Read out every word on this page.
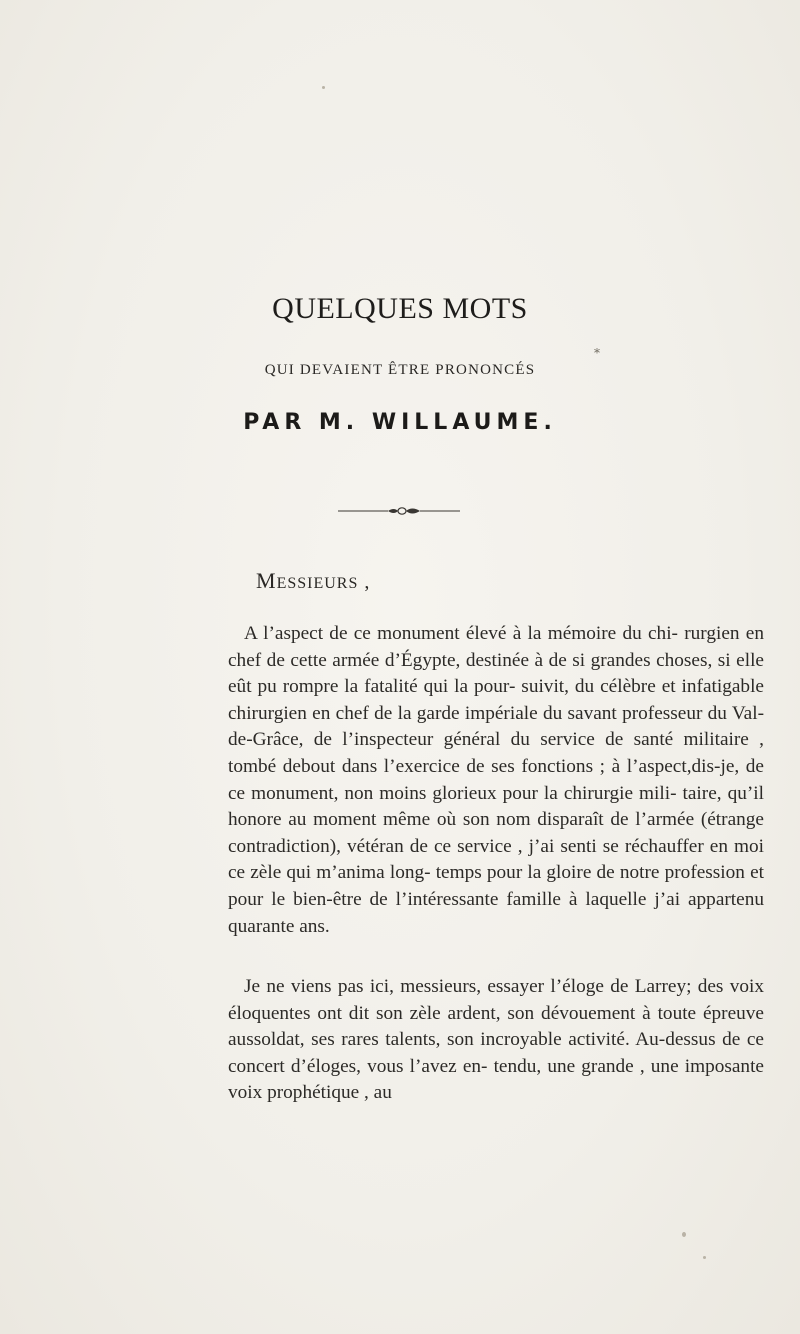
QUELQUES MOTS
*
QUI DEVAIENT ÊTRE PRONONCÉS
PAR M. WILLAUME.
MESSIEURS ,

A l’aspect de ce monument élevé à la mémoire du chi- rurgien en chef de cette armée d’Égypte, destinée à de si grandes choses, si elle eût pu rompre la fatalité qui la pour- suivit, du célèbre et infatigable chirurgien en chef de la garde impériale du savant professeur du Val-de-Grâce, de l’inspecteur général du service de santé militaire , tombé debout dans l’exercice de ses fonctions ; à l’aspect,dis-je, de ce monument, non moins glorieux pour la chirurgie mili- taire, qu’il honore au moment même où son nom disparaît de l’armée (étrange contradiction), vétéran de ce service , j’ai senti se réchauffer en moi ce zèle qui m’anima long- temps pour la gloire de notre profession et pour le bien-être de l’intéressante famille à laquelle j’ai appartenu quarante ans.

Je ne viens pas ici, messieurs, essayer l’éloge de Larrey; des voix éloquentes ont dit son zèle ardent, son dévouement à toute épreuve aussoldat, ses rares talents, son incroyable activité. Au-dessus de ce concert d’éloges, vous l’avez en- tendu, une grande , une imposante voix prophétique , au
